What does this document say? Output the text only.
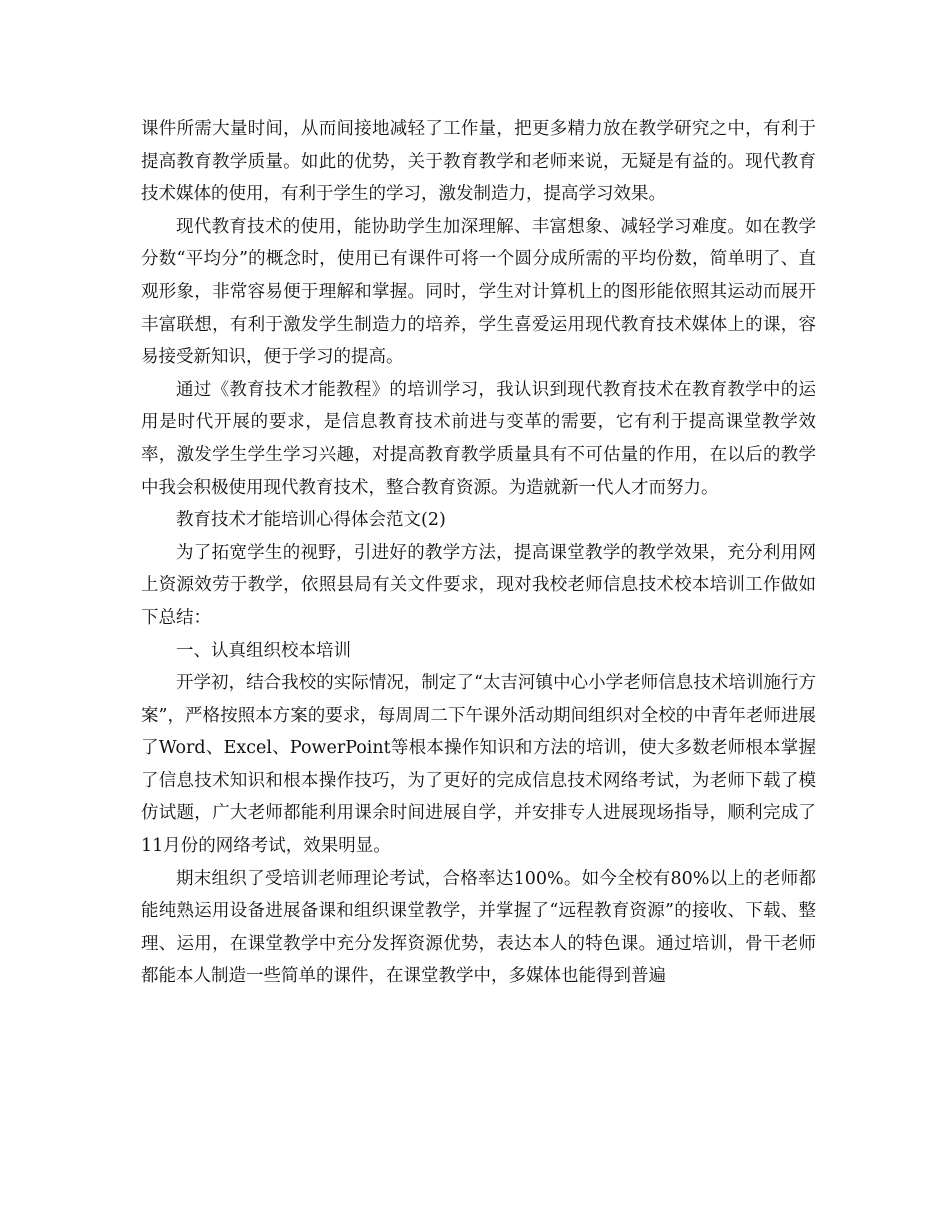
课件所需大量时间，从而间接地减轻了工作量，把更多精力放在教学研究之中，有利于提高教育教学质量。如此的优势，关于教育教学和老师来说，无疑是有益的。现代教育技术媒体的使用，有利于学生的学习，激发制造力，提高学习效果。

现代教育技术的使用，能协助学生加深理解、丰富想象、减轻学习难度。如在教学分数“平均分”的概念时，使用已有课件可将一个圆分成所需的平均份数，简单明了、直观形象，非常容易便于理解和掌握。同时，学生对计算机上的图形能依照其运动而展开丰富联想，有利于激发学生制造力的培养，学生喜爱运用现代教育技术媒体上的课，容易接受新知识，便于学习的提高。

通过《教育技术才能教程》的培训学习，我认识到现代教育技术在教育教学中的运用是时代开展的要求，是信息教育技术前进与变革的需要，它有利于提高课堂教学效率，激发学生学生学习兴趣，对提高教育教学质量具有不可估量的作用，在以后的教学中我会积极使用现代教育技术，整合教育资源。为造就新一代人才而努力。

教育技术才能培训心得体会范文(2)

为了拓宽学生的视野，引进好的教学方法，提高课堂教学的教学效果，充分利用网上资源效劳于教学，依照县局有关文件要求，现对我校老师信息技术校本培训工作做如下总结：

一、认真组织校本培训

开学初，结合我校的实际情况，制定了“太吉河镇中心小学老师信息技术培训施行方案”，严格按照本方案的要求，每周周二下午课外活动期间组织对全校的中青年老师进展了Word、Excel、PowerPoint等根本操作知识和方法的培训，使大多数老师根本掌握了信息技术知识和根本操作技巧，为了更好的完成信息技术网络考试，为老师下载了模仿试题，广大老师都能利用课余时间进展自学，并安排专人进展现场指导，顺利完成了11月份的网络考试，效果明显。

期末组织了受培训老师理论考试，合格率达100%。如今全校有80%以上的老师都能纯熟运用设备进展备课和组织课堂教学，并掌握了“远程教育资源”的接收、下载、整理、运用，在课堂教学中充分发挥资源优势，表达本人的特色课。通过培训，骨干老师都能本人制造一些简单的课件，在课堂教学中，多媒体也能得到普遍
